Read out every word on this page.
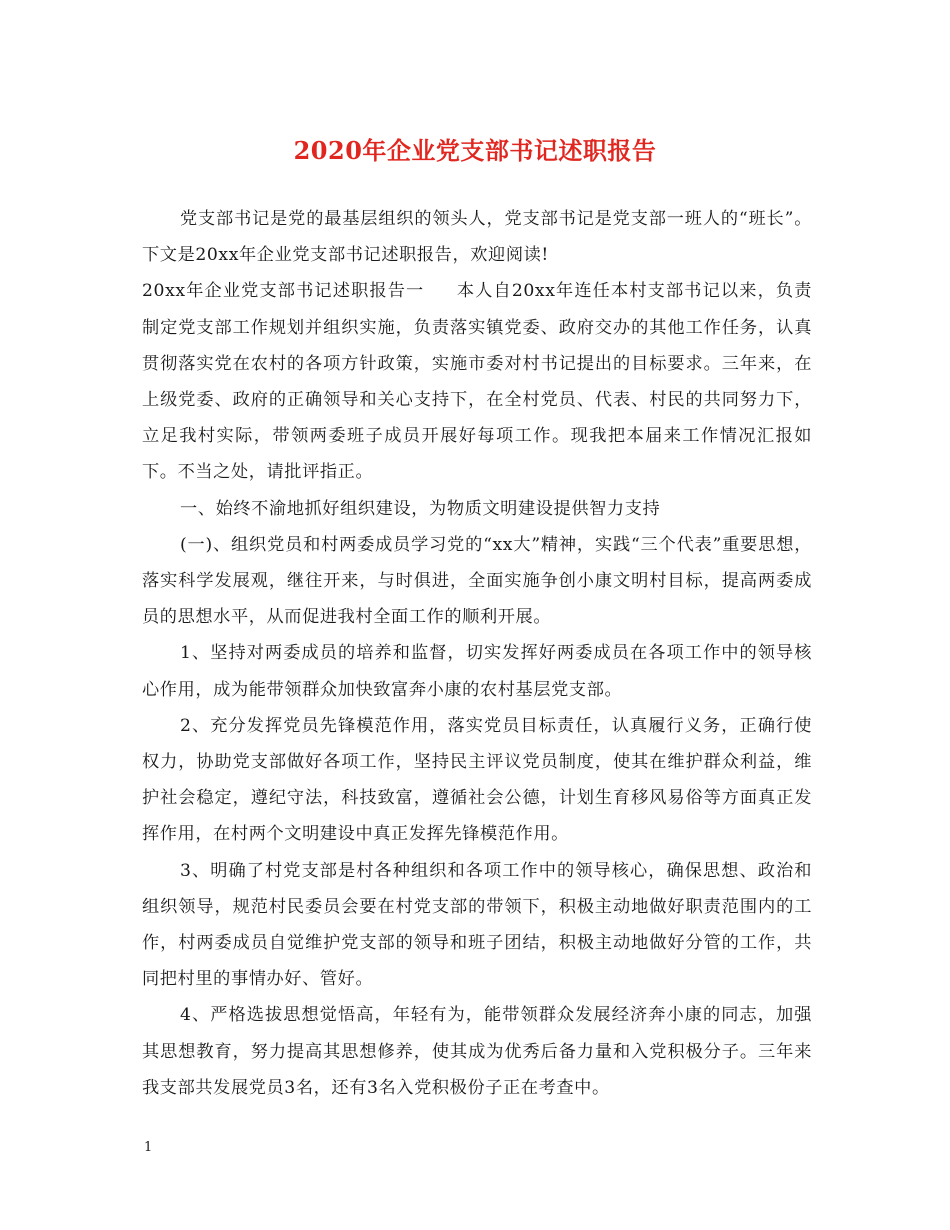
2020年企业党支部书记述职报告

党支部书记是党的最基层组织的领头人，党支部书记是党支部一班人的“班长”。下文是20xx年企业党支部书记述职报告，欢迎阅读!

20xx年企业党支部书记述职报告一 本人自20xx年连任本村支部书记以来，负责制定党支部工作规划并组织实施，负责落实镇党委、政府交办的其他工作任务，认真贯彻落实党在农村的各项方针政策，实施市委对村书记提出的目标要求。三年来，在上级党委、政府的正确领导和关心支持下，在全村党员、代表、村民的共同努力下，立足我村实际，带领两委班子成员开展好每项工作。现我把本届来工作情况汇报如下。不当之处，请批评指正。

一、始终不渝地抓好组织建设，为物质文明建设提供智力支持

(一)、组织党员和村两委成员学习党的“xx大”精神，实践“三个代表”重要思想，落实科学发展观，继往开来，与时俱进，全面实施争创小康文明村目标，提高两委成员的思想水平，从而促进我村全面工作的顺利开展。

1、坚持对两委成员的培养和监督，切实发挥好两委成员在各项工作中的领导核心作用，成为能带领群众加快致富奔小康的农村基层党支部。

2、充分发挥党员先锋模范作用，落实党员目标责任，认真履行义务，正确行使权力，协助党支部做好各项工作，坚持民主评议党员制度，使其在维护群众利益，维护社会稳定，遵纪守法，科技致富，遵循社会公德，计划生育移风易俗等方面真正发挥作用，在村两个文明建设中真正发挥先锋模范作用。

3、明确了村党支部是村各种组织和各项工作中的领导核心，确保思想、政治和组织领导，规范村民委员会要在村党支部的带领下，积极主动地做好职责范围内的工作，村两委成员自觉维护党支部的领导和班子团结，积极主动地做好分管的工作，共同把村里的事情办好、管好。

4、严格选拔思想觉悟高，年轻有为，能带领群众发展经济奔小康的同志，加强其思想教育，努力提高其思想修养，使其成为优秀后备力量和入党积极分子。三年来我支部共发展党员3名，还有3名入党积极份子正在考查中。

1
